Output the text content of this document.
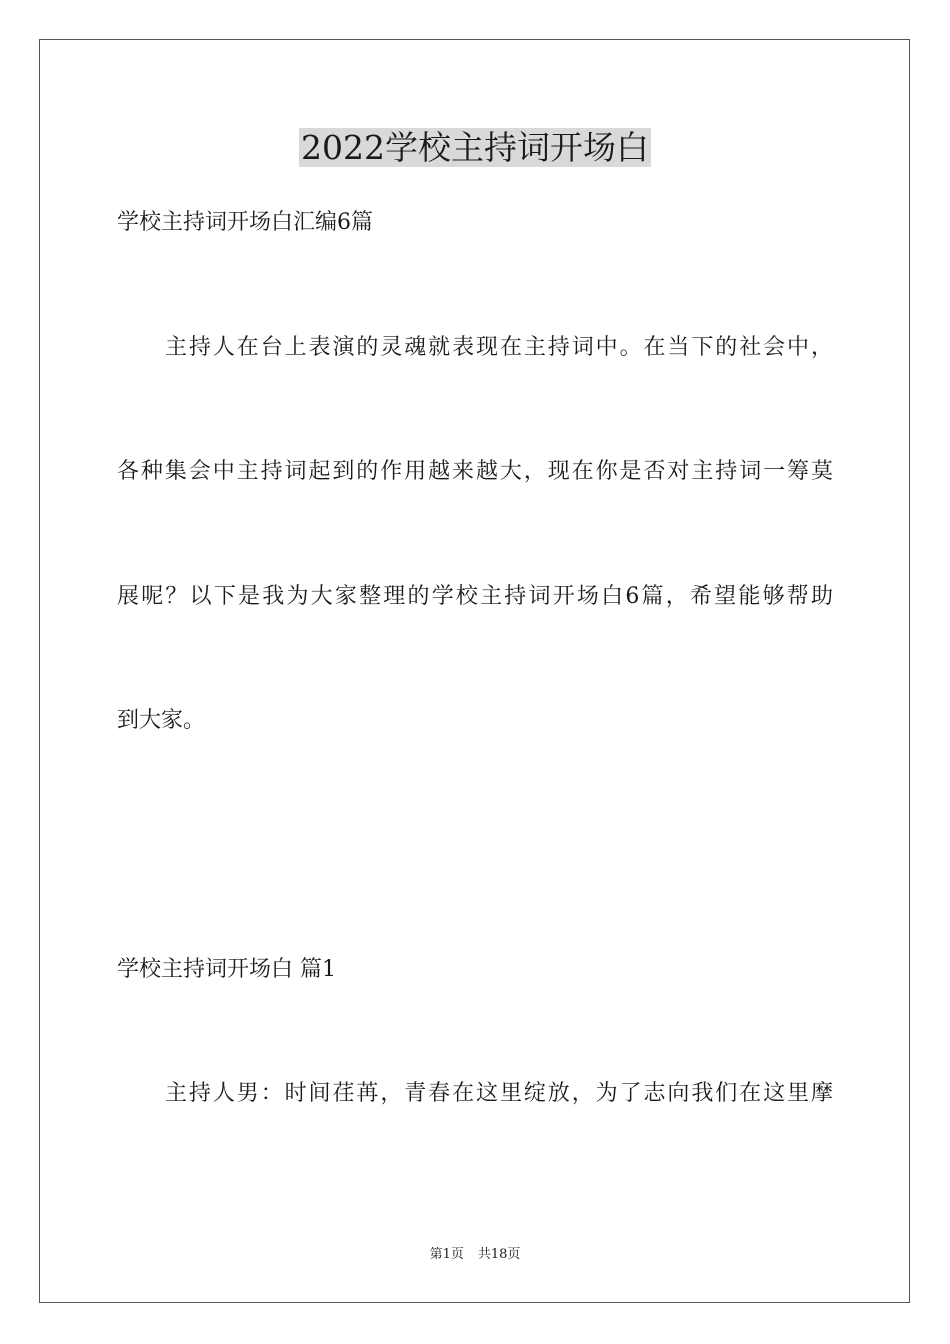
2022学校主持词开场白

学校主持词开场白汇编6篇

主持人在台上表演的灵魂就表现在主持词中。在当下的社会中，

各种集会中主持词起到的作用越来越大，现在你是否对主持词一筹莫

展呢？以下是我为大家整理的学校主持词开场白6篇，希望能够帮助

到大家。

学校主持词开场白 篇1

主持人男：时间荏苒，青春在这里绽放，为了志向我们在这里摩

第1页 共18页
